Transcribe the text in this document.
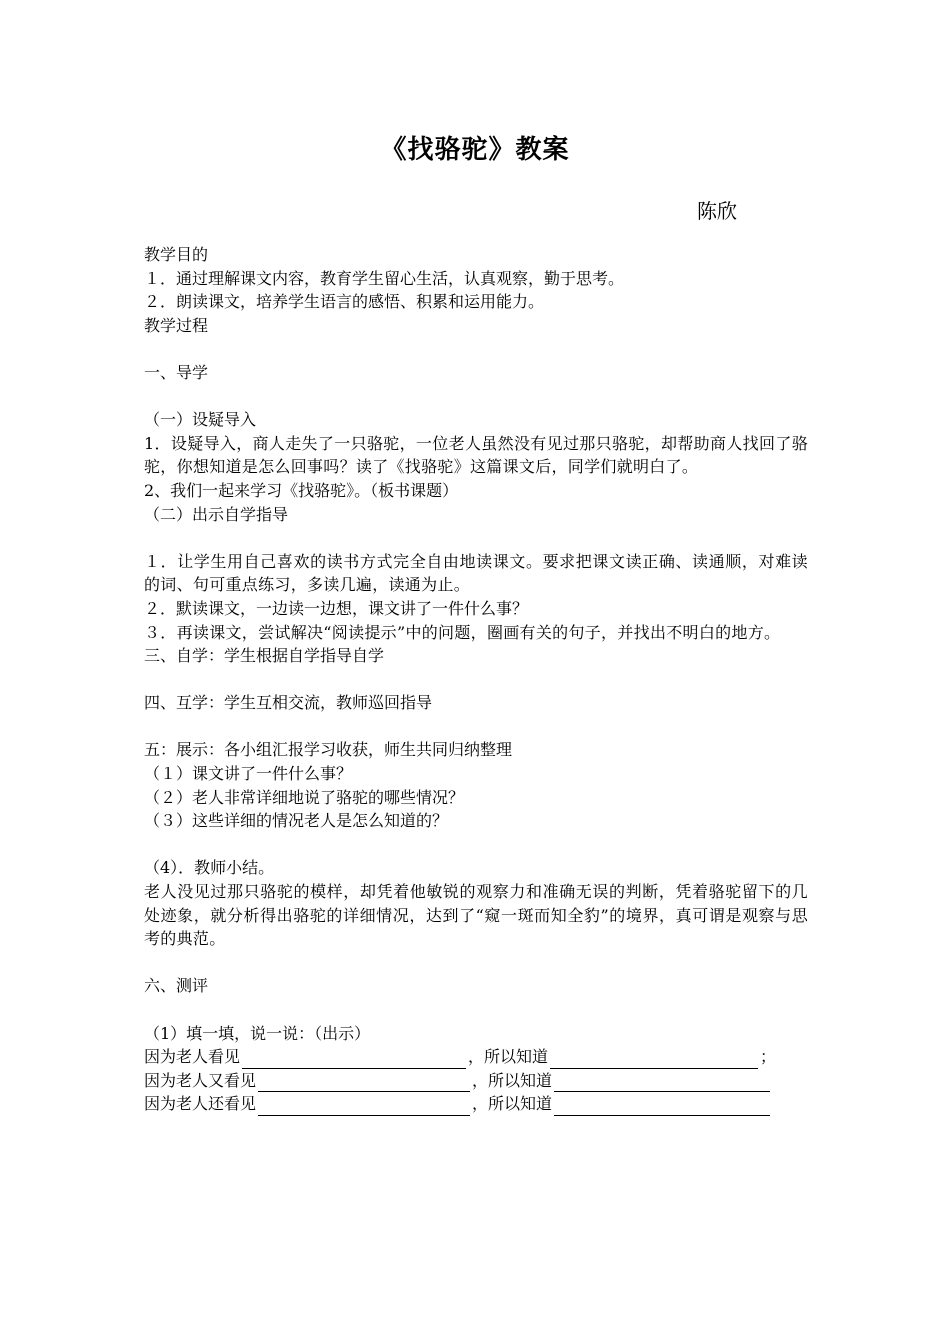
《找骆驼》教案
陈欣
教学目的
１．通过理解课文内容，教育学生留心生活，认真观察，勤于思考。
２．朗读课文，培养学生语言的感悟、积累和运用能力。
教学过程
一、导学
（一）设疑导入
1．设疑导入，商人走失了一只骆驼，一位老人虽然没有见过那只骆驼，却帮助商人找回了骆驼，你想知道是怎么回事吗？读了《找骆驼》这篇课文后，同学们就明白了。
2、我们一起来学习《找骆驼》。（板书课题）
（二）出示自学指导
１．让学生用自己喜欢的读书方式完全自由地读课文。要求把课文读正确、读通顺，对难读的词、句可重点练习，多读几遍，读通为止。
２．默读课文，一边读一边想，课文讲了一件什么事？
３．再读课文，尝试解决“阅读提示”中的问题，圈画有关的句子，并找出不明白的地方。
三、自学：学生根据自学指导自学
四、互学：学生互相交流，教师巡回指导
五：展示：各小组汇报学习收获，师生共同归纳整理
（１）课文讲了一件什么事？
（２）老人非常详细地说了骆驼的哪些情况？
（３）这些详细的情况老人是怎么知道的？
（4）．教师小结。
老人没见过那只骆驼的模样，却凭着他敏锐的观察力和准确无误的判断，凭着骆驼留下的几处迹象，就分析得出骆驼的详细情况，达到了“窥一斑而知全豹”的境界，真可谓是观察与思考的典范。
六、测评
（1）填一填，说一说：（出示）
因为老人看见	，所以知道	；
因为老人又看见	，所以知道
因为老人还看见	，所以知道
